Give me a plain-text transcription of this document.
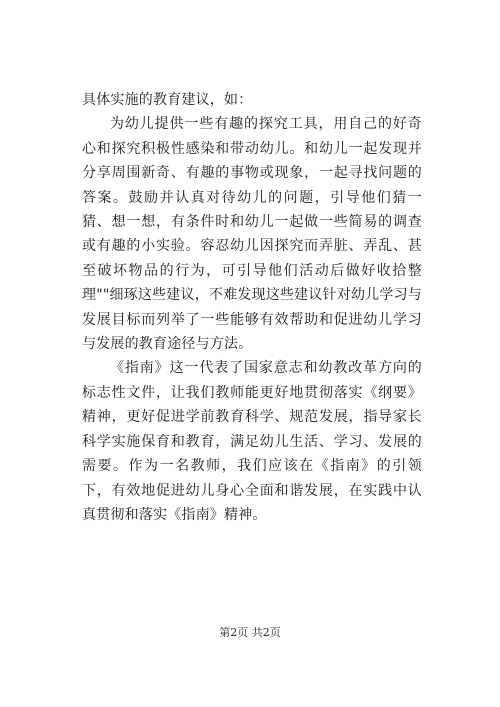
具体实施的教育建议，如：

为幼儿提供一些有趣的探究工具，用自己的好奇心和探究积极性感染和带动幼儿。和幼儿一起发现并分享周围新奇、有趣的事物或现象，一起寻找问题的答案。鼓励并认真对待幼儿的问题，引导他们猜一猜、想一想，有条件时和幼儿一起做一些简易的调查或有趣的小实验。容忍幼儿因探究而弄脏、弄乱、甚至破坏物品的行为，可引导他们活动后做好收拾整理""细琢这些建议，不难发现这些建议针对幼儿学习与发展目标而列举了一些能够有效帮助和促进幼儿学习与发展的教育途径与方法。

《指南》这一代表了国家意志和幼教改革方向的标志性文件，让我们教师能更好地贯彻落实《纲要》精神，更好促进学前教育科学、规范发展，指导家长科学实施保育和教育，满足幼儿生活、学习、发展的需要。作为一名教师，我们应该在《指南》的引领下，有效地促进幼儿身心全面和谐发展，在实践中认真贯彻和落实《指南》精神。

第2页 共2页
